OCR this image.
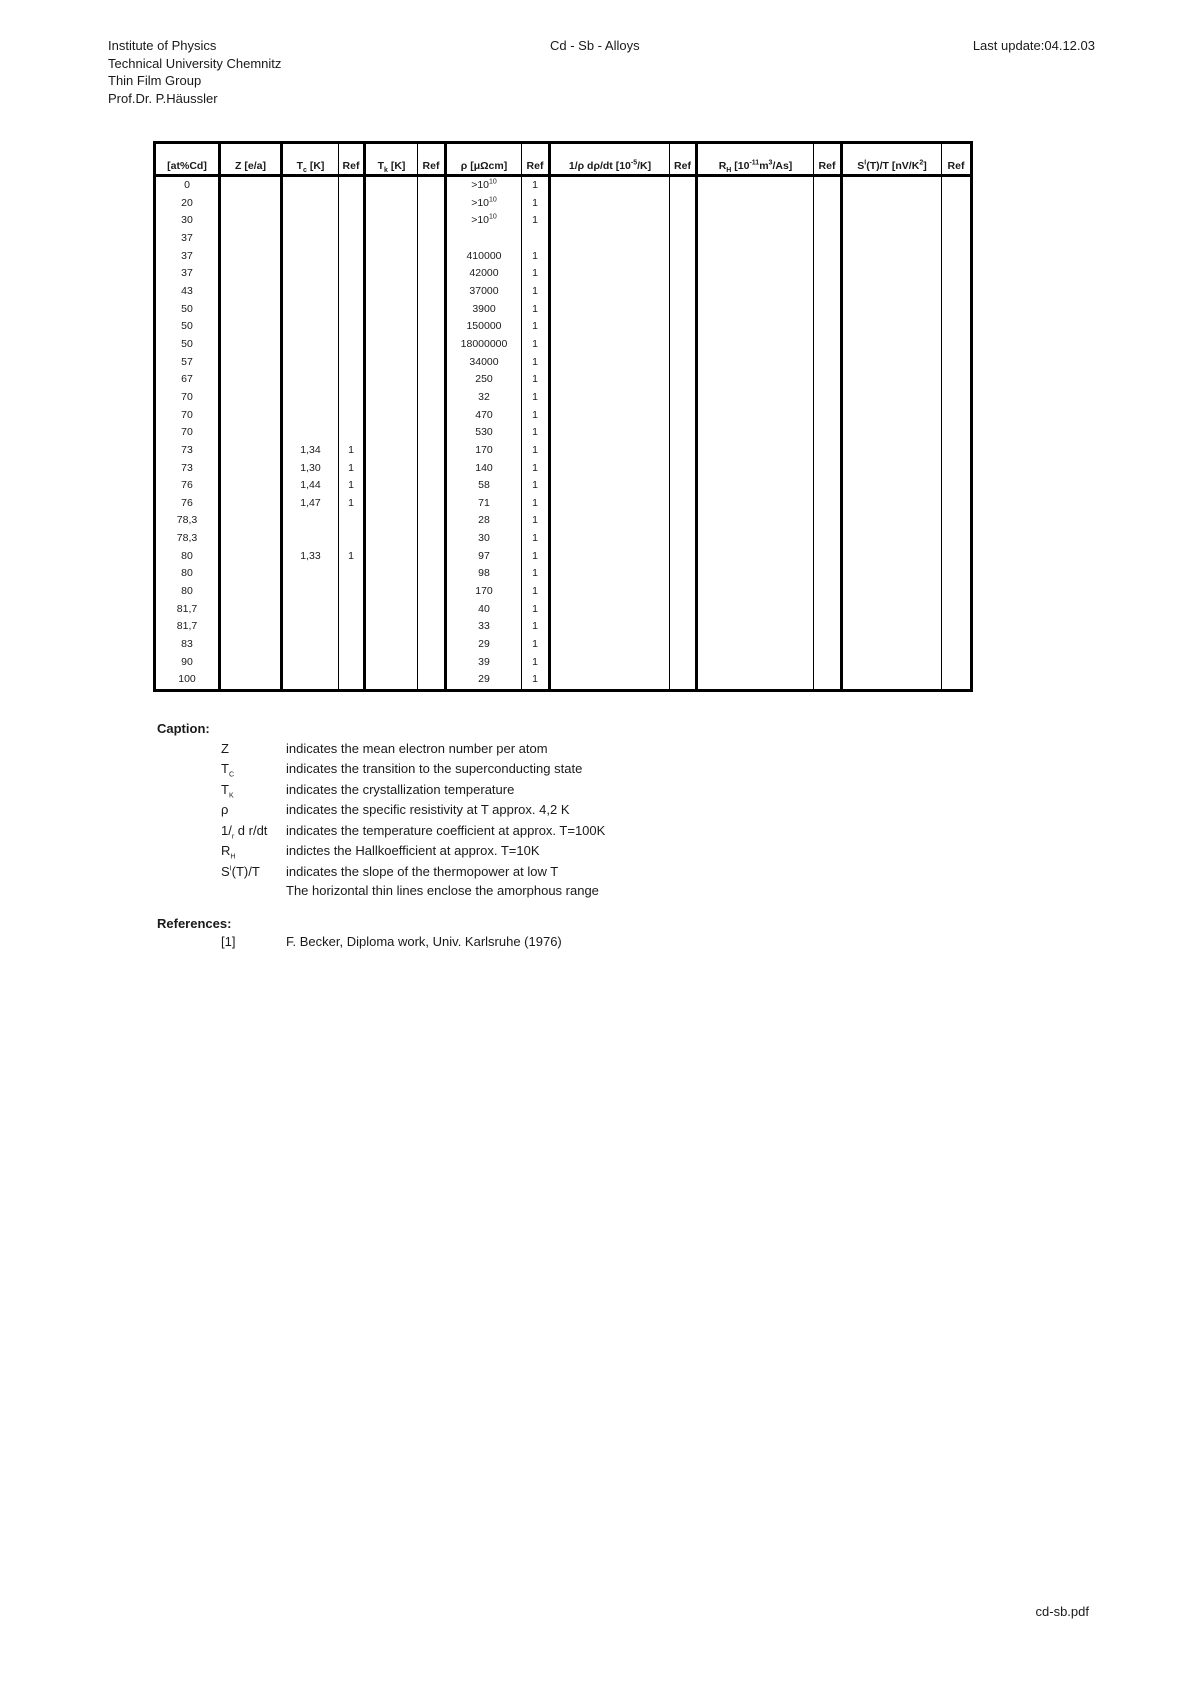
Institute of Physics
Technical University Chemnitz
Thin Film Group
Prof.Dr. P.Häussler
Cd - Sb - Alloys	Last update:04.12.03
[at%Cd]	Z [e/a]	$T_c$ [K]	Ref	$T_k$ [K]	Ref	ρ [μΩcm]	Ref	1/ρ dρ/dt $[10^{-5}/K]$	Ref	$R_H$ $[10^{-11}m^3/As]$	Ref	$S^I(T)/T$ $[nV/K^2]$	Ref
0						$>10^{10}$	1						
20						$>10^{10}$	1						
30						$>10^{10}$	1						
37													
37						410000	1						
37						42000	1						
43						37000	1						
50						3900	1						
50						150000	1						
50						18000000	1						
57						34000	1						
67						250	1						
70						32	1						
70						470	1						
70						530	1						
73		1,34	1			170	1						
73		1,30	1			140	1						
76		1,44	1			58	1						
76		1,47	1			71	1						
78,3						28	1						
78,3						30	1						
80		1,33	1			97	1						
80						98	1						
80						170	1						
81,7						40	1						
81,7						33	1						
83						29	1						
90						39	1						
100						29	1						
Caption:
Z	indicates the mean electron number per atom
$T_C$	indicates the transition to the superconducting state
$T_K$	indicates the crystallization temperature
ρ	indicates the specific resistivity at T approx. 4,2 K
$1/_r$ d r/dt	indicates the temperature coefficient at approx. T=100K
$R_H$	indictes the Hallkoefficient at approx. T=10K
$S^I(T)/T$	indicates the slope of the thermopower at low T
The horizontal thin lines enclose the amorphous range
References:
[1]	F. Becker, Diploma work, Univ. Karlsruhe (1976)
cd-sb.pdf
